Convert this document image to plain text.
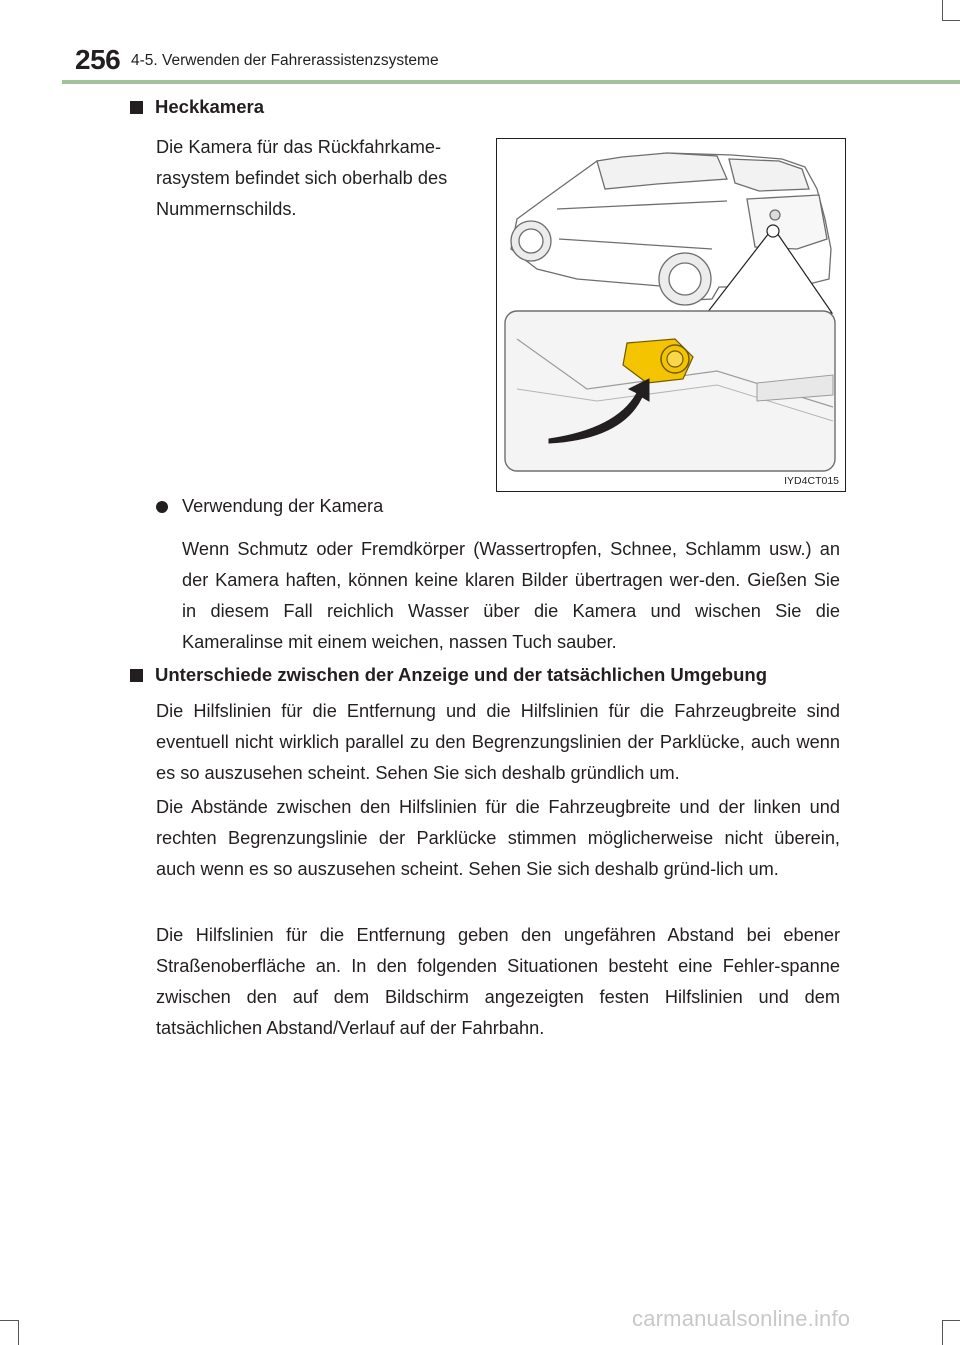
256 4-5. Verwenden der Fahrerassistenzsysteme
Heckkamera
Die Kamera für das Rückfahrkame-rasystem befindet sich oberhalb des Nummernschilds.
IYD4CT015
Verwendung der Kamera
Wenn Schmutz oder Fremdkörper (Wassertropfen, Schnee, Schlamm usw.) an der Kamera haften, können keine klaren Bilder übertragen wer-den. Gießen Sie in diesem Fall reichlich Wasser über die Kamera und wischen Sie die Kameralinse mit einem weichen, nassen Tuch sauber.
Unterschiede zwischen der Anzeige und der tatsächlichen Umgebung
Die Hilfslinien für die Entfernung und die Hilfslinien für die Fahrzeugbreite sind eventuell nicht wirklich parallel zu den Begrenzungslinien der Parklücke, auch wenn es so auszusehen scheint. Sehen Sie sich deshalb gründlich um.
Die Abstände zwischen den Hilfslinien für die Fahrzeugbreite und der linken und rechten Begrenzungslinie der Parklücke stimmen möglicherweise nicht überein, auch wenn es so auszusehen scheint. Sehen Sie sich deshalb gründ-lich um.
Die Hilfslinien für die Entfernung geben den ungefähren Abstand bei ebener Straßenoberfläche an. In den folgenden Situationen besteht eine Fehler-spanne zwischen den auf dem Bildschirm angezeigten festen Hilfslinien und dem tatsächlichen Abstand/Verlauf auf der Fahrbahn.
carmanualsonline.info
